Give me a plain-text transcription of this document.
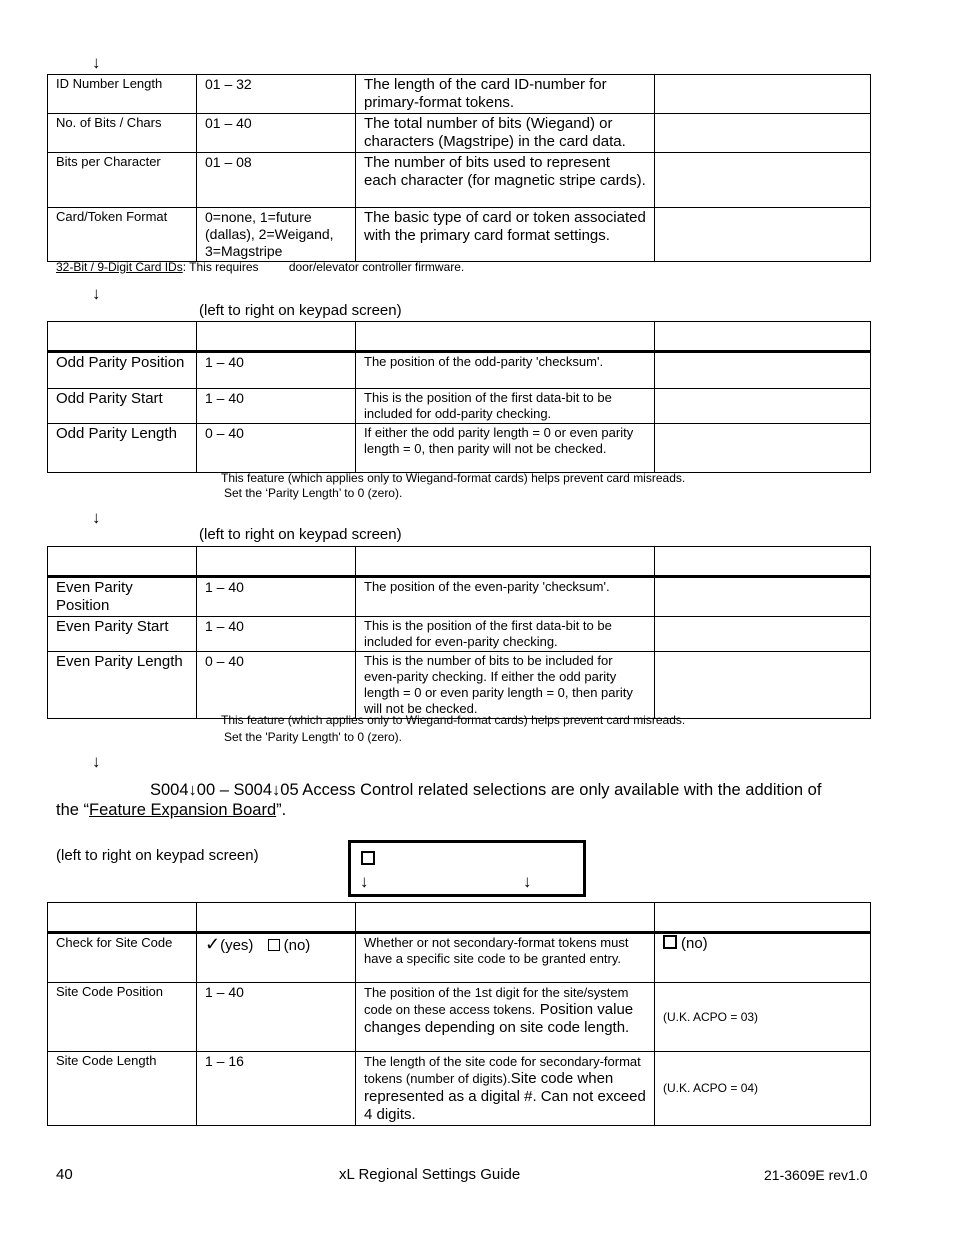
↓
ID Number Length	01 – 32	The length of the card ID-number for primary-format tokens.	
No. of Bits / Chars	01 – 40	The total number of bits (Wiegand) or characters (Magstripe) in the card data.	
Bits per Character	01 – 08	The number of bits used to represent each character (for magnetic stripe cards).	
Card/Token Format	0=none, 1=future (dallas), 2=Weigand, 3=Magstripe	The basic type of card or token associated with the primary card format settings.	
32-Bit / 9-Digit Card IDs: This requires	door/elevator controller firmware.
↓
(left to right on keypad screen)

Odd Parity Position	1 – 40	The position of the odd-parity 'checksum'.	
Odd Parity Start	1 – 40	This is the position of the first data-bit to be included for odd-parity checking.	
Odd Parity Length	0 – 40	If either the odd parity length = 0 or even parity length = 0, then parity will not be checked.	
This feature (which applies only to Wiegand-format cards) helps prevent card misreads.
Set the ‘Parity Length’ to 0 (zero).
↓
(left to right on keypad screen)

Even Parity Position	1 – 40	The position of the even-parity 'checksum'.	
Even Parity Start	1 – 40	This is the position of the first data-bit to be included for even-parity checking.	
Even Parity Length	0 – 40	This is the number of bits to be included for even-parity checking. If either the odd parity length = 0 or even parity length = 0, then parity will not be checked.	
This feature (which applies only to Wiegand-format cards) helps prevent card misreads.
Set the 'Parity Length' to 0 (zero).
↓
S004↓00 – S004↓05 Access Control related selections are only available with the addition of
the “Feature Expansion Board”.
(left to right on keypad screen)
↓	↓

Check for Site Code	✓(yes) (no)	Whether or not secondary-format tokens must have a specific site code to be granted entry.	(no)
Site Code Position	1 – 40	The position of the 1st digit for the site/system code on these access tokens. Position value changes depending on site code length.	(U.K. ACPO = 03)
Site Code Length	1 – 16	The length of the site code for secondary-format tokens (number of digits).Site code when represented as a digital #. Can not exceed 4 digits.	(U.K. ACPO = 04)
40	xL Regional Settings Guide	21-3609E rev1.0
